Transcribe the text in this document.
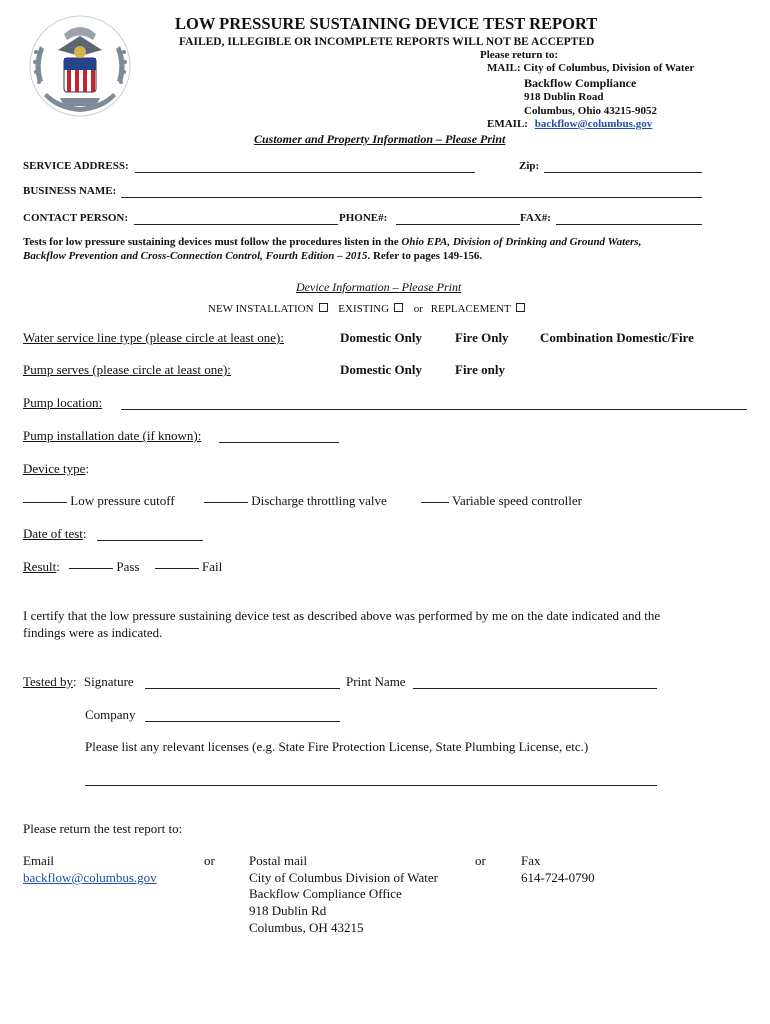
LOW PRESSURE SUSTAINING DEVICE TEST REPORT
FAILED, ILLEGIBLE OR INCOMPLETE REPORTS WILL NOT BE ACCEPTED
Please return to:
MAIL: City of Columbus, Division of Water
Backflow Compliance
918 Dublin Road
Columbus, Ohio 43215-9052
EMAIL: backflow@columbus.gov
Customer and Property Information – Please Print
SERVICE ADDRESS:	Zip:
BUSINESS NAME:
CONTACT PERSON:	PHONE#:	FAX#:
Tests for low pressure sustaining devices must follow the procedures listen in the Ohio EPA, Division of Drinking and Ground Waters,
Backflow Prevention and Cross-Connection Control, Fourth Edition – 2015. Refer to pages 149-156.
Device Information – Please Print
NEW INSTALLATION EXISTING or REPLACEMENT
Water service line type (please circle at least one):	Domestic Only	Fire Only Combination Domestic/Fire
Pump serves (please circle at least one):	Domestic Only	Fire only
Pump location:
Pump installation date (if known):
Device type:
Low pressure cutoff	Discharge throttling valve	Variable speed controller
Date of test:
Result:	Pass	Fail
I certify that the low pressure sustaining device test as described above was performed by me on the date indicated and the
findings were as indicated.
Tested by: Signature	Print Name
Company
Please list any relevant licenses (e.g. State Fire Protection License, State Plumbing License, etc.)
Please return the test report to:
Email
backflow@columbus.gov
or	Postal mail
City of Columbus Division of Water
Backflow Compliance Office
918 Dublin Rd
Columbus, OH 43215
or	Fax
614-724-0790
